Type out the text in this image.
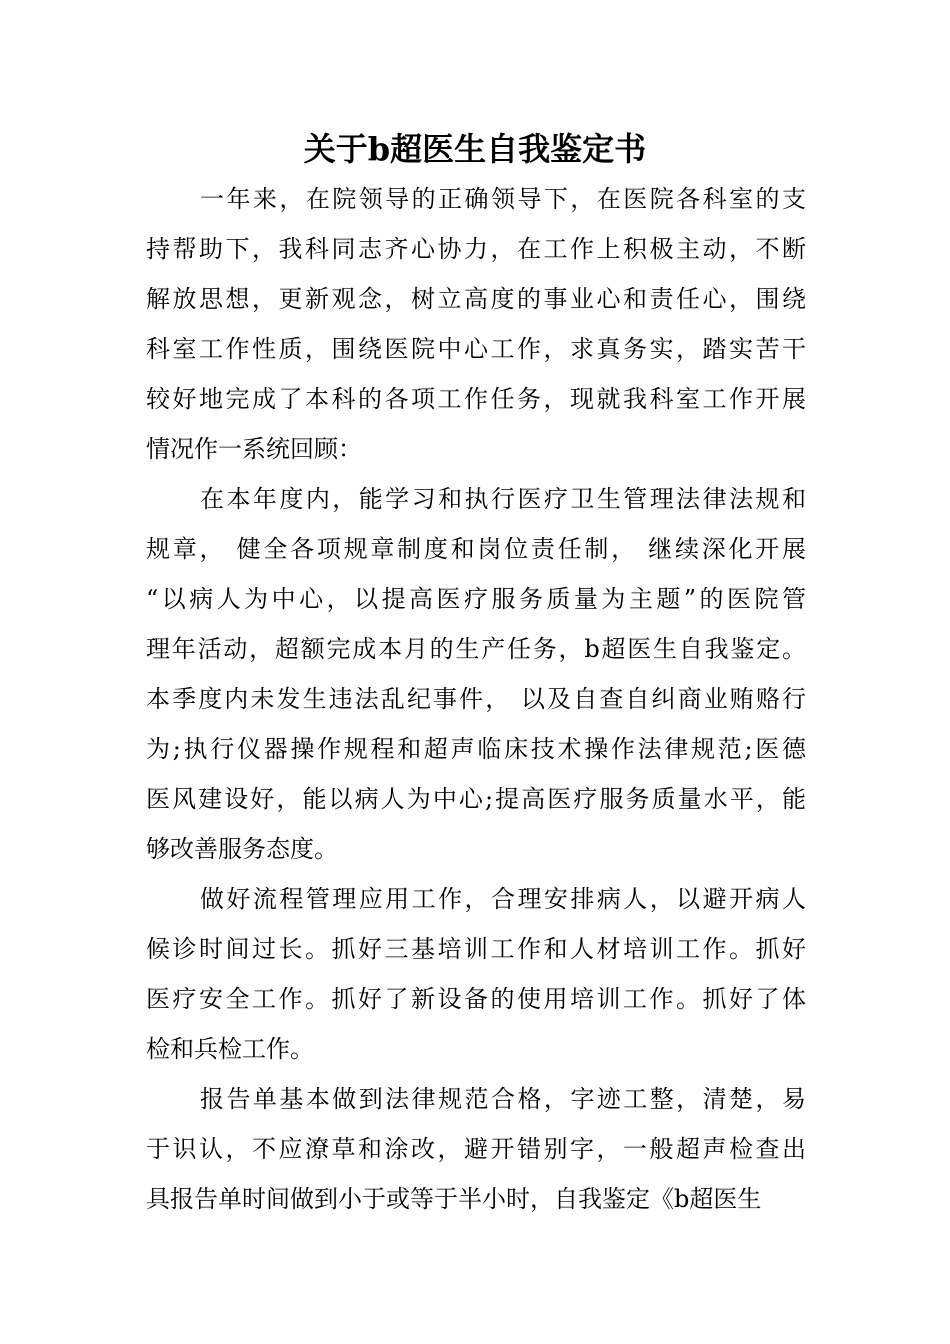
关于b超医生自我鉴定书
一年来，在院领导的正确领导下，在医院各科室的支
持帮助下，我科同志齐心协力，在工作上积极主动，不断
解放思想，更新观念，树立高度的事业心和责任心，围绕
科室工作性质，围绕医院中心工作，求真务实，踏实苦干
较好地完成了本科的各项工作任务，现就我科室工作开展
情况作一系统回顾：
在本年度内，能学习和执行医疗卫生管理法律法规和
规章， 健全各项规章制度和岗位责任制， 继续深化开展
“以病人为中心，以提高医疗服务质量为主题”的医院管
理年活动，超额完成本月的生产任务，b超医生自我鉴定。
本季度内未发生违法乱纪事件， 以及自查自纠商业贿赂行
为;执行仪器操作规程和超声临床技术操作法律规范;医德
医风建设好，能以病人为中心;提高医疗服务质量水平，能
够改善服务态度。
做好流程管理应用工作，合理安排病人，以避开病人
候诊时间过长。抓好三基培训工作和人材培训工作。抓好
医疗安全工作。抓好了新设备的使用培训工作。抓好了体
检和兵检工作。
报告单基本做到法律规范合格，字迹工整，清楚，易
于识认，不应潦草和涂改，避开错别字，一般超声检查出
具报告单时间做到小于或等于半小时，自我鉴定《b超医生
